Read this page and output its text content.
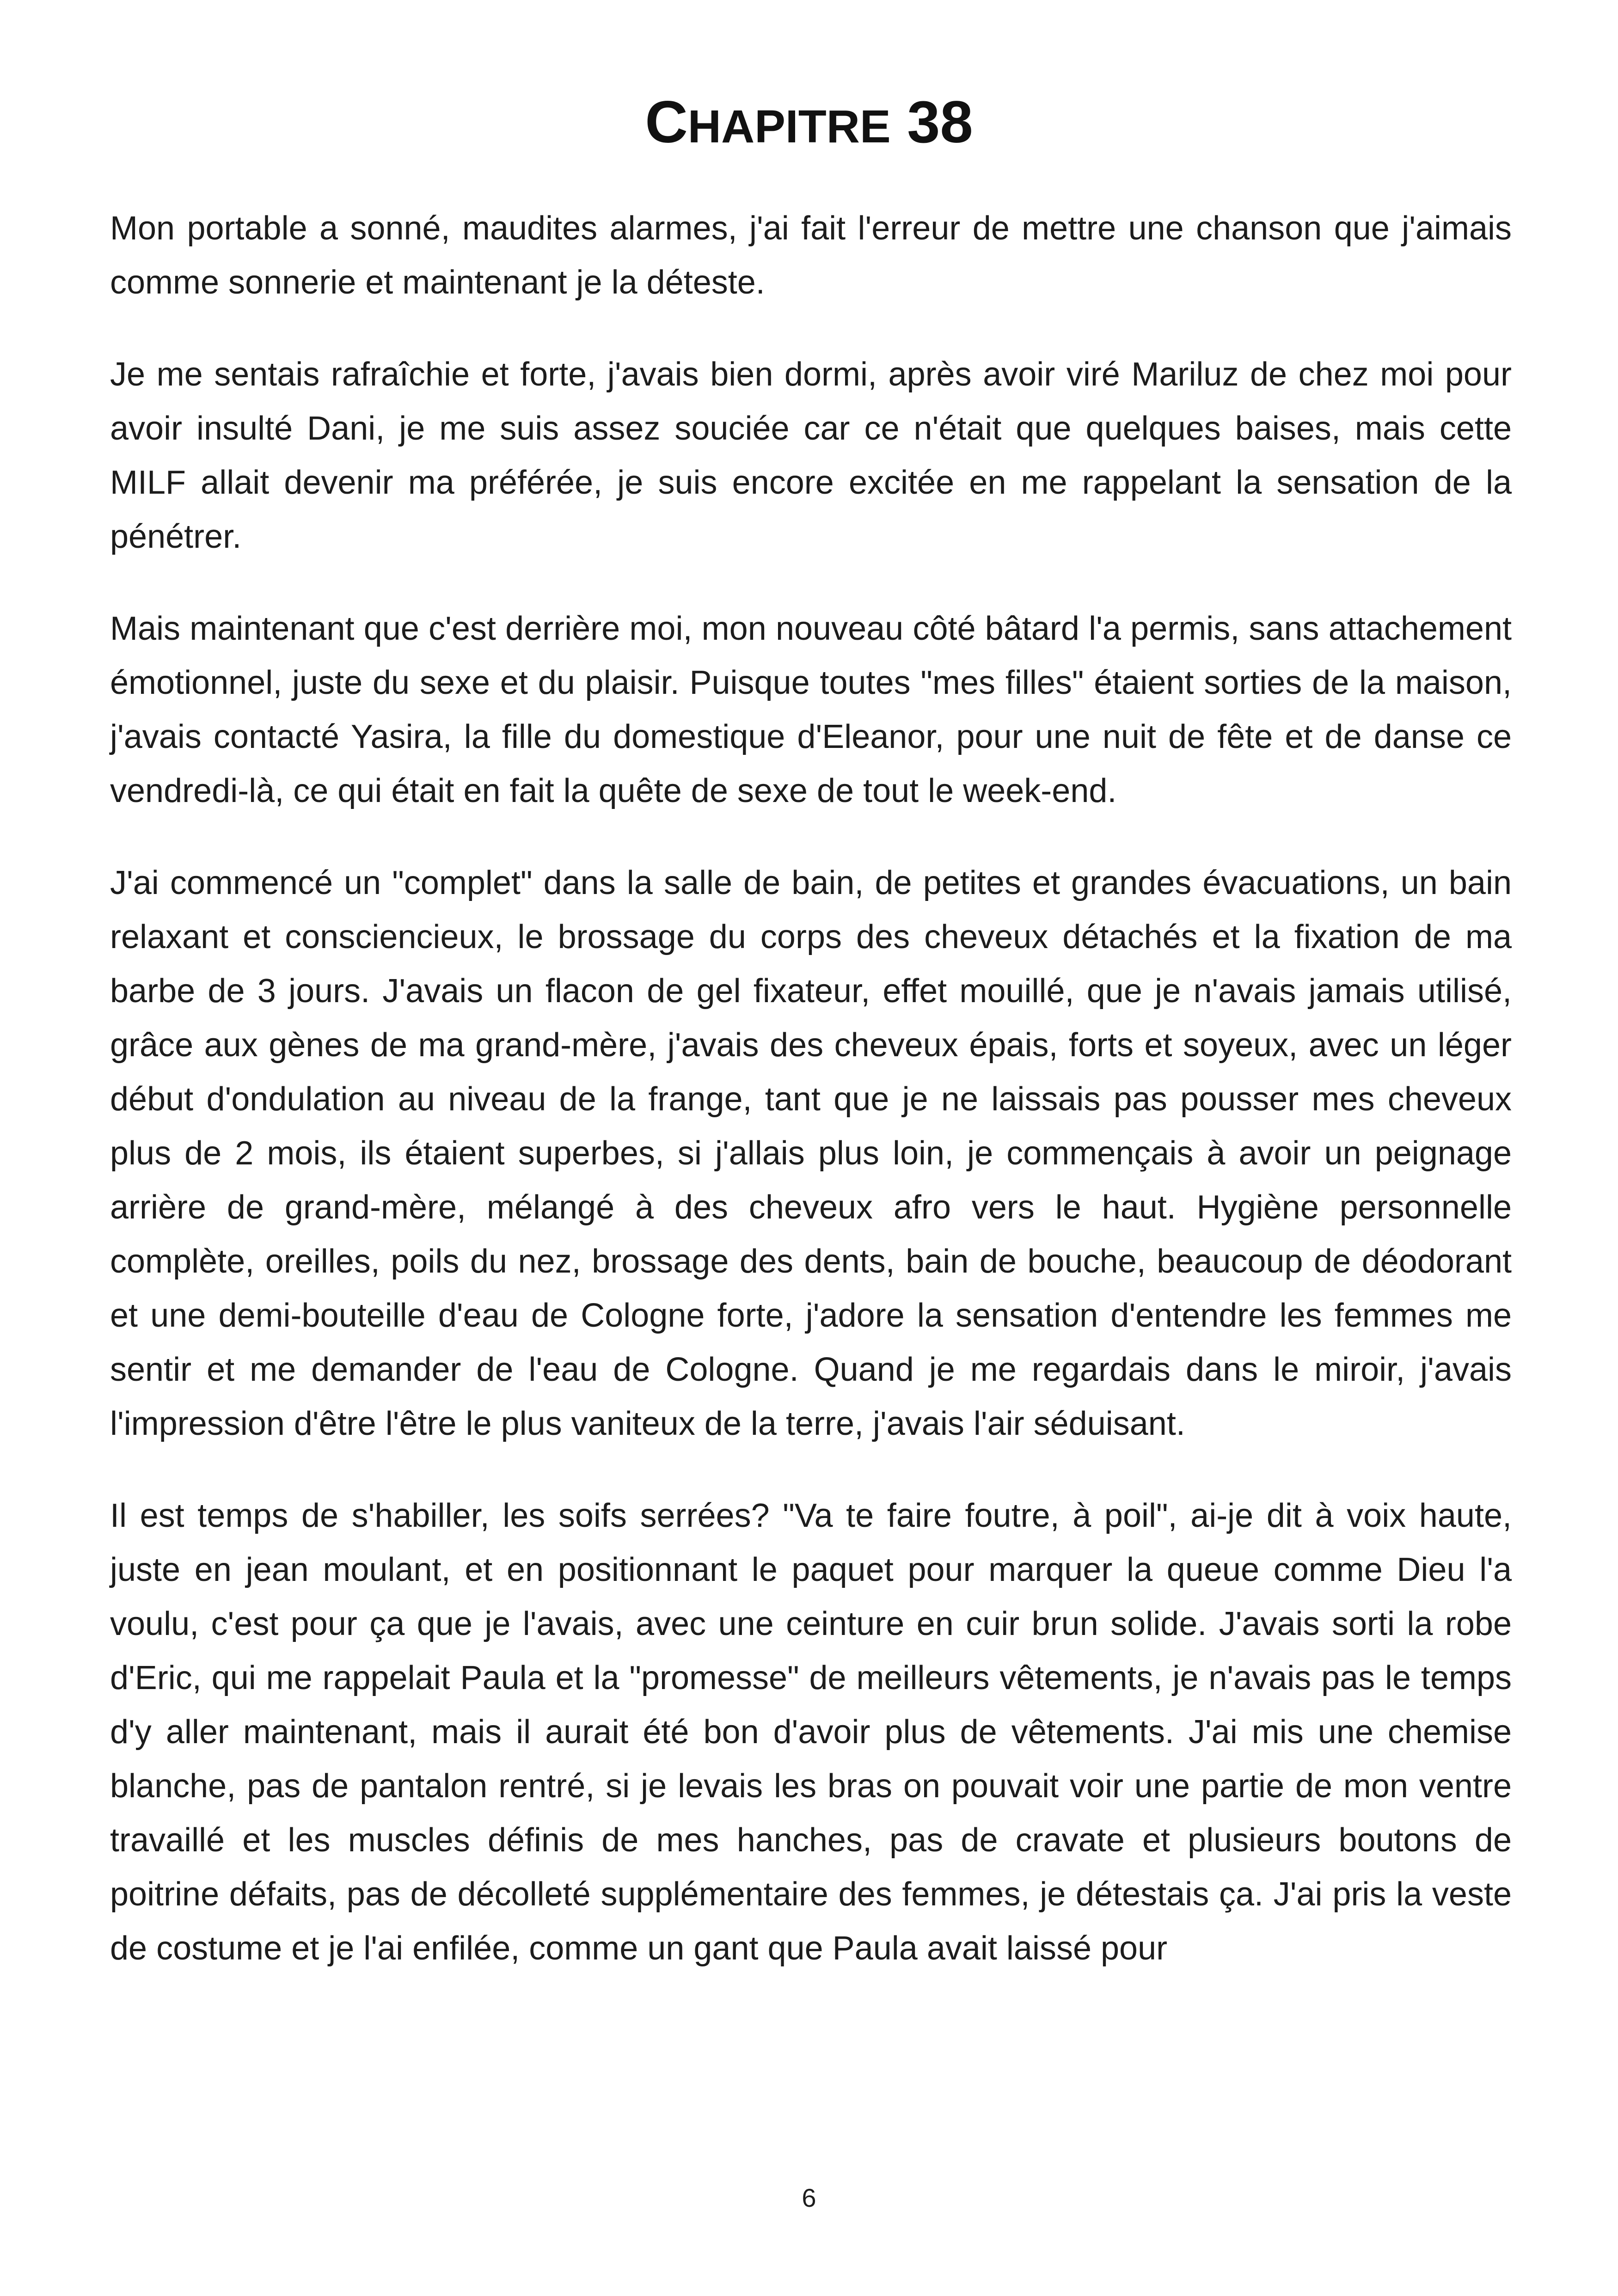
CHAPITRE 38

Mon portable a sonné, maudites alarmes, j'ai fait l'erreur de mettre une chanson que j'aimais comme sonnerie et maintenant je la déteste.

Je me sentais rafraîchie et forte, j'avais bien dormi, après avoir viré Mariluz de chez moi pour avoir insulté Dani, je me suis assez souciée car ce n'était que quelques baises, mais cette MILF allait devenir ma préférée, je suis encore excitée en me rappelant la sensation de la pénétrer.

Mais maintenant que c'est derrière moi, mon nouveau côté bâtard l'a permis, sans attachement émotionnel, juste du sexe et du plaisir. Puisque toutes "mes filles" étaient sorties de la maison, j'avais contacté Yasira, la fille du domestique d'Eleanor, pour une nuit de fête et de danse ce vendredi-là, ce qui était en fait la quête de sexe de tout le week-end.

J'ai commencé un "complet" dans la salle de bain, de petites et grandes évacuations, un bain relaxant et consciencieux, le brossage du corps des cheveux détachés et la fixation de ma barbe de 3 jours. J'avais un flacon de gel fixateur, effet mouillé, que je n'avais jamais utilisé, grâce aux gènes de ma grand-mère, j'avais des cheveux épais, forts et soyeux, avec un léger début d'ondulation au niveau de la frange, tant que je ne laissais pas pousser mes cheveux plus de 2 mois, ils étaient superbes, si j'allais plus loin, je commençais à avoir un peignage arrière de grand-mère, mélangé à des cheveux afro vers le haut. Hygiène personnelle complète, oreilles, poils du nez, brossage des dents, bain de bouche, beaucoup de déodorant et une demi-bouteille d'eau de Cologne forte, j'adore la sensation d'entendre les femmes me sentir et me demander de l'eau de Cologne. Quand je me regardais dans le miroir, j'avais l'impression d'être l'être le plus vaniteux de la terre, j'avais l'air séduisant.

Il est temps de s'habiller, les soifs serrées? "Va te faire foutre, à poil", ai-je dit à voix haute, juste en jean moulant, et en positionnant le paquet pour marquer la queue comme Dieu l'a voulu, c'est pour ça que je l'avais, avec une ceinture en cuir brun solide. J'avais sorti la robe d'Eric, qui me rappelait Paula et la "promesse" de meilleurs vêtements, je n'avais pas le temps d'y aller maintenant, mais il aurait été bon d'avoir plus de vêtements. J'ai mis une chemise blanche, pas de pantalon rentré, si je levais les bras on pouvait voir une partie de mon ventre travaillé et les muscles définis de mes hanches, pas de cravate et plusieurs boutons de poitrine défaits, pas de décolleté supplémentaire des femmes, je détestais ça. J'ai pris la veste de costume et je l'ai enfilée, comme un gant que Paula avait laissé pour

6
